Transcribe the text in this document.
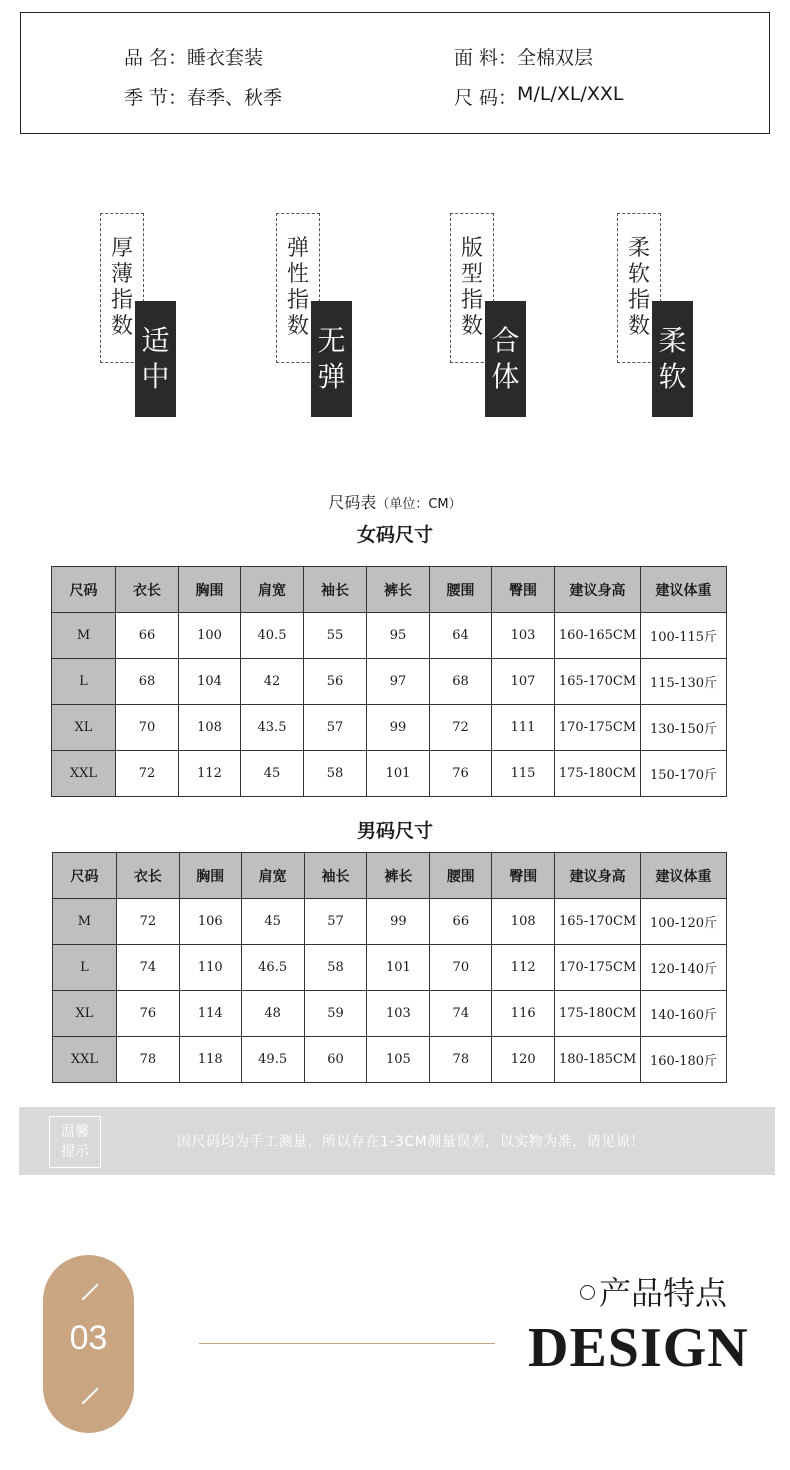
品 名： 睡衣套装	面 料： 全棉双层
季 节： 春季、秋季	尺 码： M/L/XL/XXL
厚
薄
指
数 适
中
弹
性
指
数 无
弹
版
型
指
数 合
体
柔
软
指
数 柔
软
尺码表（单位：CM）
女码尺寸
尺码	衣长	胸围	肩宽	袖长	裤长	腰围	臀围	建议身高	建议体重
M	66	100	40.5	55	95	64	103	160-165CM	100-115斤
L	68	104	42	56	97	68	107	165-170CM	115-130斤
XL	70	108	43.5	57	99	72	111	170-175CM	130-150斤
XXL	72	112	45	58	101	76	115	175-180CM	150-170斤
男码尺寸
尺码	衣长	胸围	肩宽	袖长	裤长	腰围	臀围	建议身高	建议体重
M	72	106	45	57	99	66	108	165-170CM	100-120斤
L	74	110	46.5	58	101	70	112	170-175CM	120-140斤
XL	76	114	48	59	103	74	116	175-180CM	140-160斤
XXL	78	118	49.5	60	105	78	120	180-185CM	160-180斤
温馨
提示
因尺码均为手工测量，所以存在1-3CM测量误差，以实物为准，请见谅！
03
产品特点
DESIGN
